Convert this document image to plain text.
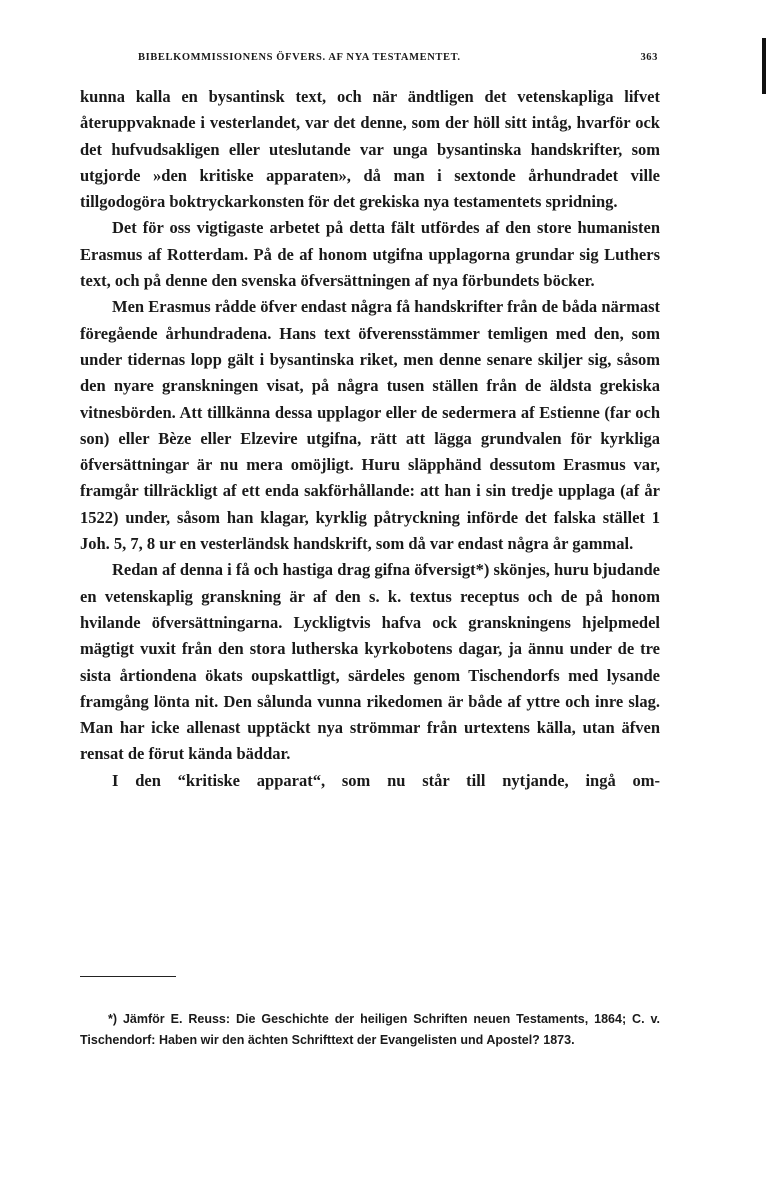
BIBELKOMMISSIONENS ÖFVERS. AF NYA TESTAMENTET.	363

kunna kalla en bysantinsk text, och när ändtligen det vetenskapliga lifvet återuppvaknade i vesterlandet, var det denne, som der höll sitt intåg, hvarför ock det hufvudsakligen eller uteslutande var unga bysantinska handskrifter, som utgjorde »den kritiske apparaten», då man i sextonde århundradet ville tillgodogöra boktryckarkonsten för det grekiska nya testamentets spridning.

Det för oss vigtigaste arbetet på detta fält utfördes af den store humanisten Erasmus af Rotterdam. På de af honom utgifna upplagorna grundar sig Luthers text, och på denne den svenska öfversättningen af nya förbundets böcker.

Men Erasmus rådde öfver endast några få handskrifter från de båda närmast föregående århundradena. Hans text öfverensstämmer temligen med den, som under tidernas lopp gält i bysantinska riket, men denne senare skiljer sig, såsom den nyare granskningen visat, på några tusen ställen från de äldsta grekiska vitnesbörden. Att tillkänna dessa upplagor eller de sedermera af Estienne (far och son) eller Bèze eller Elzevire utgifna, rätt att lägga grundvalen för kyrkliga öfversättningar är nu mera omöjligt. Huru släpphänd dessutom Erasmus var, framgår tillräckligt af ett enda sakförhållande: att han i sin tredje upplaga (af år 1522) under, såsom han klagar, kyrklig påtryckning införde det falska stället 1 Joh. 5, 7, 8 ur en vesterländsk handskrift, som då var endast några år gammal.

Redan af denna i få och hastiga drag gifna öfversigt*) skönjes, huru bjudande en vetenskaplig granskning är af den s. k. textus receptus och de på honom hvilande öfversättningarna. Lyckligtvis hafva ock granskningens hjelpmedel mägtigt vuxit från den stora lutherska kyrkobotens dagar, ja ännu under de tre sista årtiondena ökats oupskattligt, särdeles genom Tischendorfs med lysande framgång lönta nit. Den sålunda vunna rikedomen är både af yttre och inre slag. Man har icke allenast upptäckt nya strömmar från urtextens källa, utan äfven rensat de förut kända bäddar.

I den “kritiske apparat“, som nu står till nytjande, ingå om-

*) Jämför E. Reuss: Die Geschichte der heiligen Schriften neuen Testaments, 1864; C. v. Tischendorf: Haben wir den ächten Schrifttext der Evangelisten und Apostel? 1873.
